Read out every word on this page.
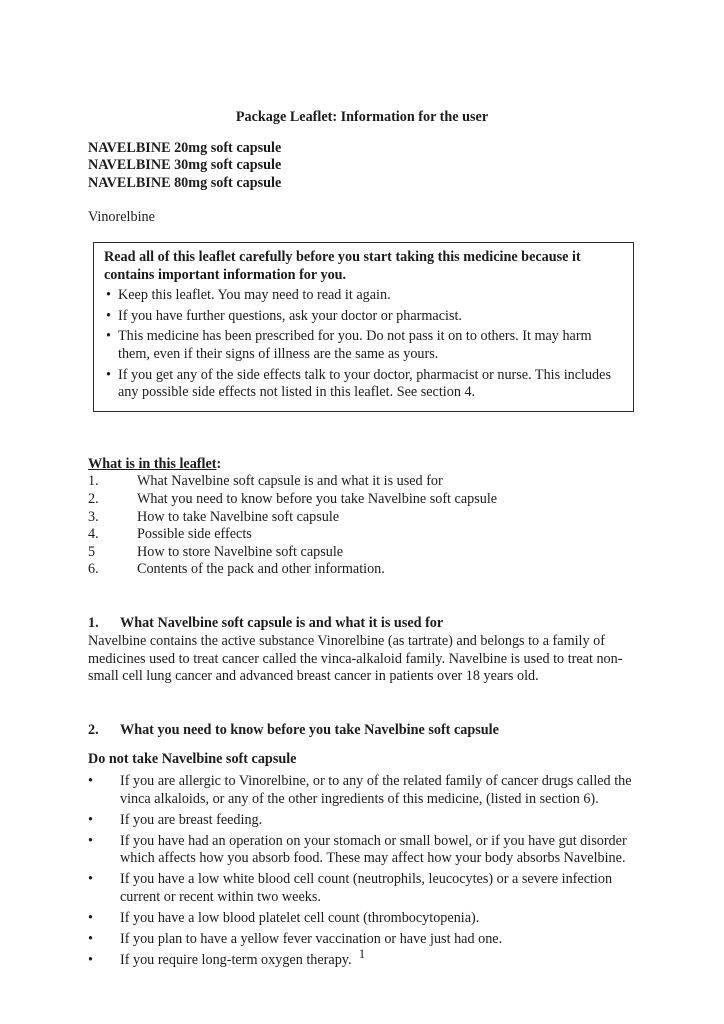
Package Leaflet: Information for the user
NAVELBINE 20mg soft capsule
NAVELBINE 30mg soft capsule
NAVELBINE 80mg soft capsule
Vinorelbine
Read all of this leaflet carefully before you start taking this medicine because it contains important information for you.
• Keep this leaflet. You may need to read it again.
• If you have further questions, ask your doctor or pharmacist.
• This medicine has been prescribed for you. Do not pass it on to others. It may harm them, even if their signs of illness are the same as yours.
• If you get any of the side effects talk to your doctor, pharmacist or nurse. This includes any possible side effects not listed in this leaflet. See section 4.
What is in this leaflet:
1.	What Navelbine soft capsule is and what it is used for
2.	What you need to know before you take Navelbine soft capsule
3.	How to take Navelbine soft capsule
4.	Possible side effects
5	How to store Navelbine soft capsule
6.	Contents of the pack and other information.
1.	What Navelbine soft capsule is and what it is used for
Navelbine contains the active substance Vinorelbine (as tartrate) and belongs to a family of medicines used to treat cancer called the vinca-alkaloid family. Navelbine is used to treat non-small cell lung cancer and advanced breast cancer in patients over 18 years old.
2.	What you need to know before you take Navelbine soft capsule
Do not take Navelbine soft capsule
•	If you are allergic to Vinorelbine, or to any of the related family of cancer drugs called the vinca alkaloids, or any of the other ingredients of this medicine, (listed in section 6).
•	If you are breast feeding.
•	If you have had an operation on your stomach or small bowel, or if you have gut disorder which affects how you absorb food. These may affect how your body absorbs Navelbine.
•	If you have a low white blood cell count (neutrophils, leucocytes) or a severe infection current or recent within two weeks.
•	If you have a low blood platelet cell count (thrombocytopenia).
•	If you plan to have a yellow fever vaccination or have just had one.
•	If you require long-term oxygen therapy. 1
